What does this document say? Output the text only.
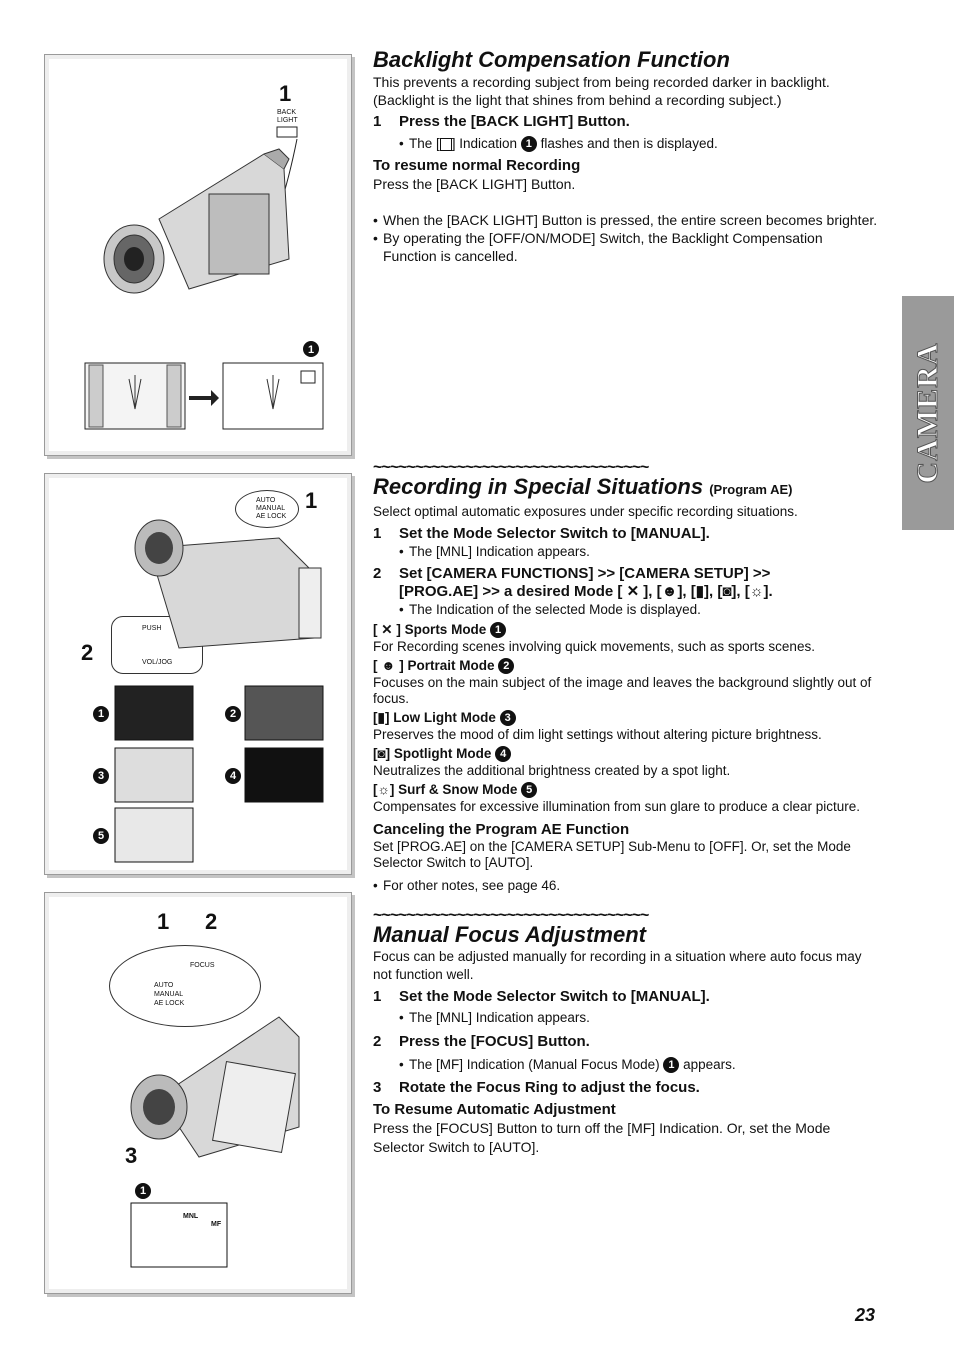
1
BACK
LIGHT
1
1
2
AUTO
MANUAL
AE LOCK
PUSH
VOL/JOG
1	2
3	4
5
1 2
3
FOCUS
AUTO
MANUAL
AE LOCK
1
MNL
MF
Backlight Compensation Function

This prevents a recording subject from being recorded darker in backlight.

(Backlight is the light that shines from behind a recording subject.)

1	Press the [BACK LIGHT] Button.
• The [ ] Indication 1 flashes and then is displayed.
To resume normal Recording

Press the [BACK LIGHT] Button.

• When the [BACK LIGHT] Button is pressed, the entire screen becomes brighter.
• By operating the [OFF/ON/MODE] Switch, the Backlight Compensation Function is cancelled.

~~~~~~~~~~~~~~~~~~~~~~~~~~~~~~~~~

Recording in Special Situations (Program AE)

Select optimal automatic exposures under specific recording situations.

1	Set the Mode Selector Switch to [MANUAL].
• The [MNL] Indication appears.
2	Set [CAMERA FUNCTIONS] >> [CAMERA SETUP] >>
[PROG.AE] >> a desired Mode [ ✕ ], [☻], [▮], [◙], [☼].
• The Indication of the selected Mode is displayed.
[ ✕ ] Sports Mode 1

For Recording scenes involving quick movements, such as sports scenes.

[ ☻ ] Portrait Mode 2

Focuses on the main subject of the image and leaves the background slightly out of focus.

[▮] Low Light Mode 3

Preserves the mood of dim light settings without altering picture brightness.

[◙] Spotlight Mode 4

Neutralizes the additional brightness created by a spot light.

[☼] Surf & Snow Mode 5

Compensates for excessive illumination from sun glare to produce a clear picture.

Canceling the Program AE Function

Set [PROG.AE] on the [CAMERA SETUP] Sub-Menu to [OFF]. Or, set the Mode Selector Switch to [AUTO].

• For other notes, see page 46.

~~~~~~~~~~~~~~~~~~~~~~~~~~~~~~~~~

Manual Focus Adjustment

Focus can be adjusted manually for recording in a situation where auto focus may not function well.

1	Set the Mode Selector Switch to [MANUAL].
• The [MNL] Indication appears.
2	Press the [FOCUS] Button.
• The [MF] Indication (Manual Focus Mode) 1 appears.
3	Rotate the Focus Ring to adjust the focus.
To Resume Automatic Adjustment

Press the [FOCUS] Button to turn off the [MF] Indication. Or, set the Mode Selector Switch to [AUTO].

CAMERA
23
